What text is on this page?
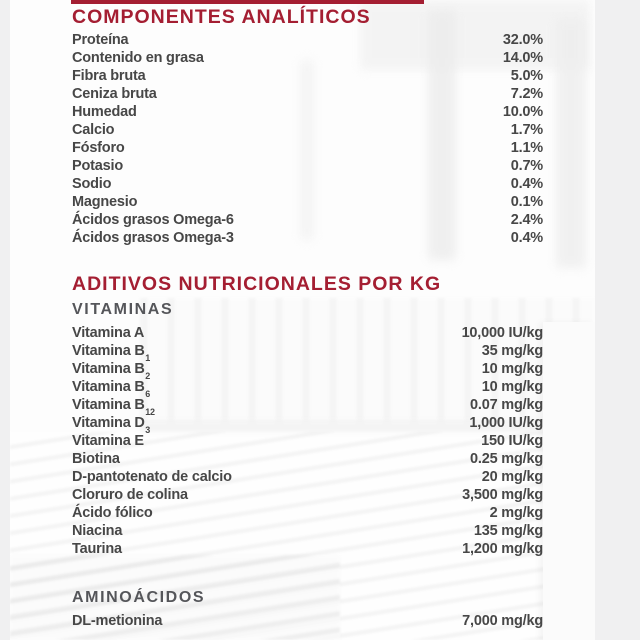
COMPONENTES ANALÍTICOS
Proteína	32.0%
Contenido en grasa	14.0%
Fibra bruta	5.0%
Ceniza bruta	7.2%
Humedad	10.0%
Calcio	1.7%
Fósforo	1.1%
Potasio	0.7%
Sodio	0.4%
Magnesio	0.1%
Ácidos grasos Omega-6	2.4%
Ácidos grasos Omega-3	0.4%
ADITIVOS NUTRICIONALES POR KG
VITAMINAS
Vitamina A	10,000 IU/kg
Vitamina $B_1$	35 mg/kg
Vitamina $B_2$	10 mg/kg
Vitamina $B_6$	10 mg/kg
Vitamina $B_{12}$	0.07 mg/kg
Vitamina $D_3$	1,000 IU/kg
Vitamina E	150 IU/kg
Biotina	0.25 mg/kg
D-pantotenato de calcio	20 mg/kg
Cloruro de colina	3,500 mg/kg
Ácido fólico	2 mg/kg
Niacina	135 mg/kg
Taurina	1,200 mg/kg
AMINOÁCIDOS
DL-metionina	7,000 mg/kg
